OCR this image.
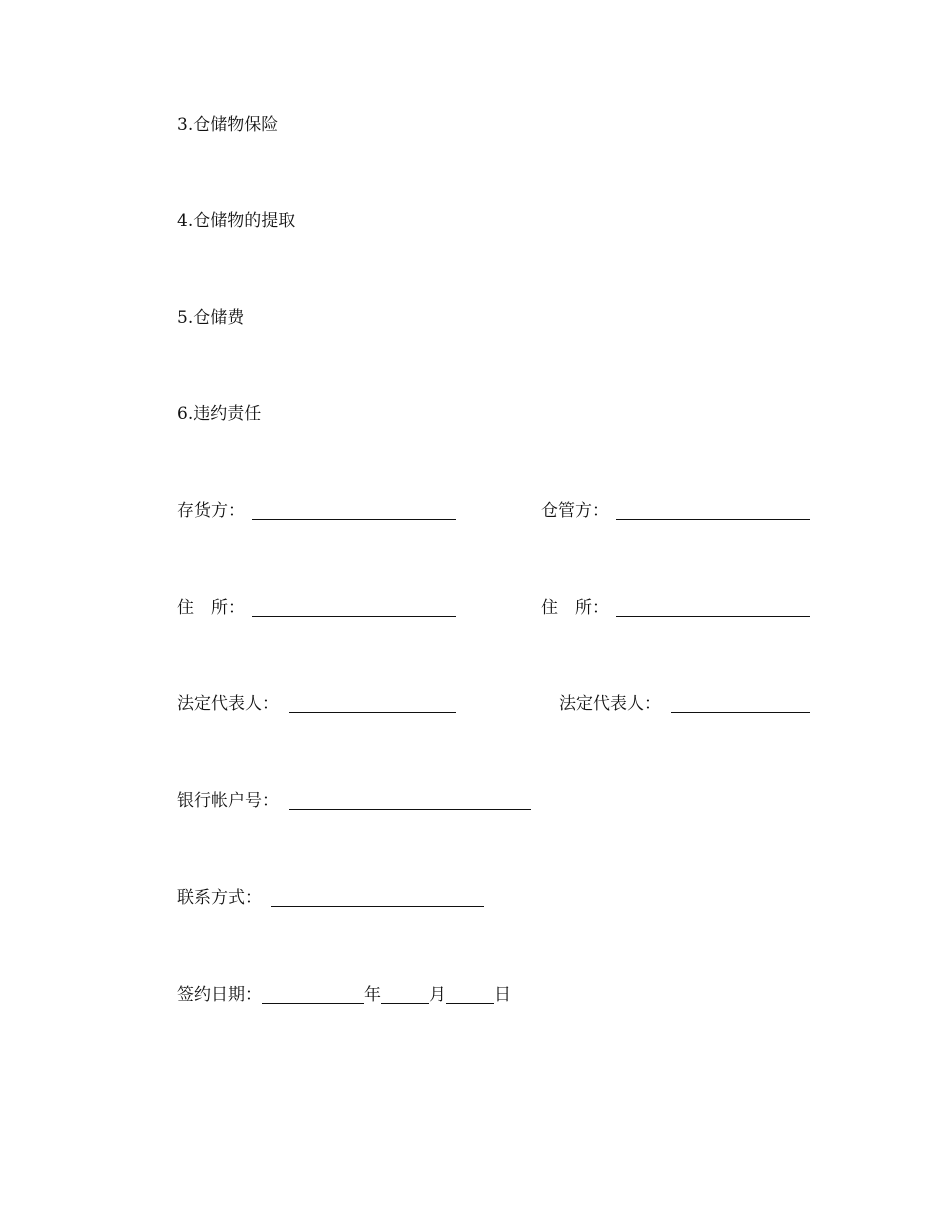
3.仓储物保险
4.仓储物的提取
5.仓储费
6.违约责任
存货方：	仓管方：
住　所：	住　所：
法定代表人：	法定代表人：
银行帐户号：
联系方式：
签约日期：	年	月	日
